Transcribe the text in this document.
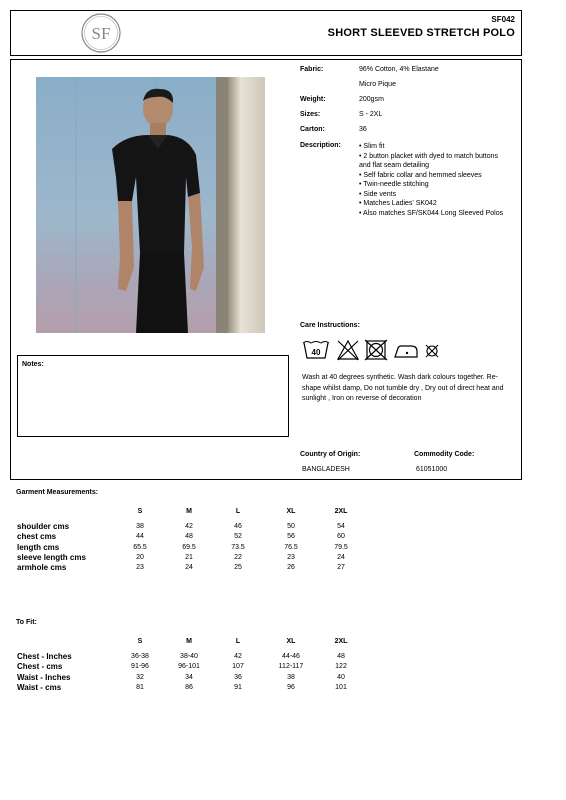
SF
SF042
SHORT SLEEVED STRETCH POLO
Fabric:	96% Cotton, 4% Elastane
Micro Pique
Weight:	200gsm
Sizes:	S - 2XL
Carton:	36
Description:	• Slim fit
• 2 button placket with dyed to match buttons
and flat seam detailing
• Self fabric collar and hemmed sleeves
• Twin-needle stitching
• Side vents
• Matches Ladies' SK042
• Also matches SF/SK044 Long Sleeved Polos
Care Instructions:
40
Wash at 40 degrees synthetic. Wash dark colours together. Re-shape whilst damp, Do not tumble dry , Dry out of direct heat and sunlight , Iron on reverse of decoration
Notes:
Country of Origin:
BANGLADESH
Commodity Code:
61051000
Garment Measurements:
S	M	L	XL	2XL
shoulder cms	38	42	46	50	54
chest cms	44	48	52	56	60
length cms	65.5	69.5	73.5	76.5	79.5
sleeve length cms	20	21	22	23	24
armhole cms	23	24	25	26	27
To Fit:
S	M	L	XL	2XL
Chest - Inches	36-38	38-40	42	44-46	48
Chest - cms	91-96	96-101	107	112-117	122
Waist - Inches	32	34	36	38	40
Waist - cms	81	86	91	96	101
